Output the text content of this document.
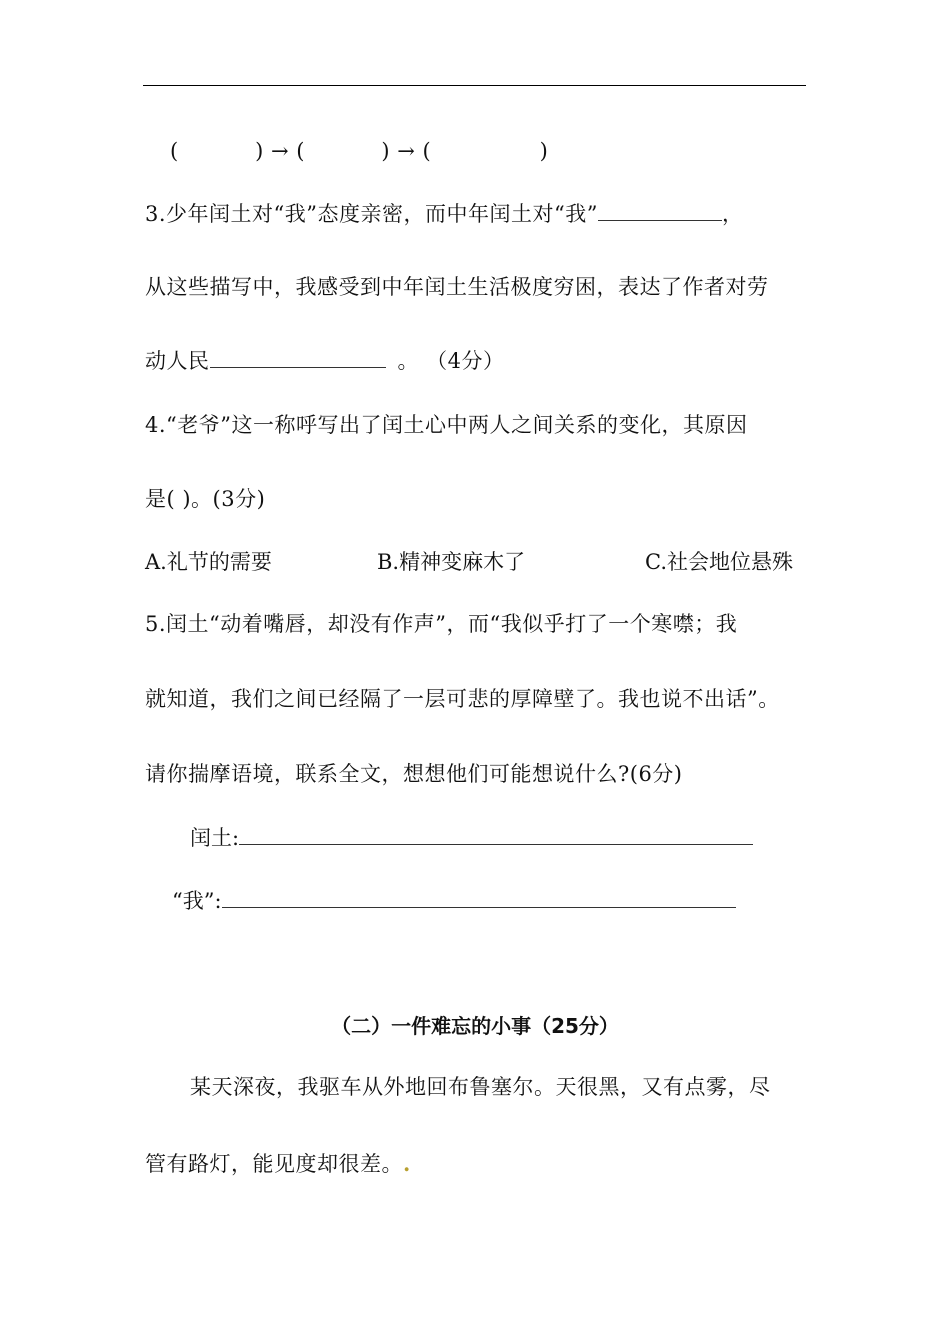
(	) → (	) → (	)
3.少年闰土对“我”态度亲密，而中年闰土对“我”	，
从这些描写中，我感受到中年闰土生活极度穷困，表达了作者对劳
动人民	。 （4分）
4.“老爷”这一称呼写出了闰土心中两人之间关系的变化，其原因
是( )。(3分)
A.礼节的需要	B.精神变麻木了	C.社会地位悬殊
5.闰土“动着嘴唇，却没有作声”，而“我似乎打了一个寒噤；我
就知道，我们之间已经隔了一层可悲的厚障壁了。我也说不出话”。
请你揣摩语境，联系全文，想想他们可能想说什么?(6分)
闰土:
“我”:
（二）一件难忘的小事（25分）
某天深夜，我驱车从外地回布鲁塞尔。天很黑，又有点雾，尽
管有路灯，能见度却很差。.
